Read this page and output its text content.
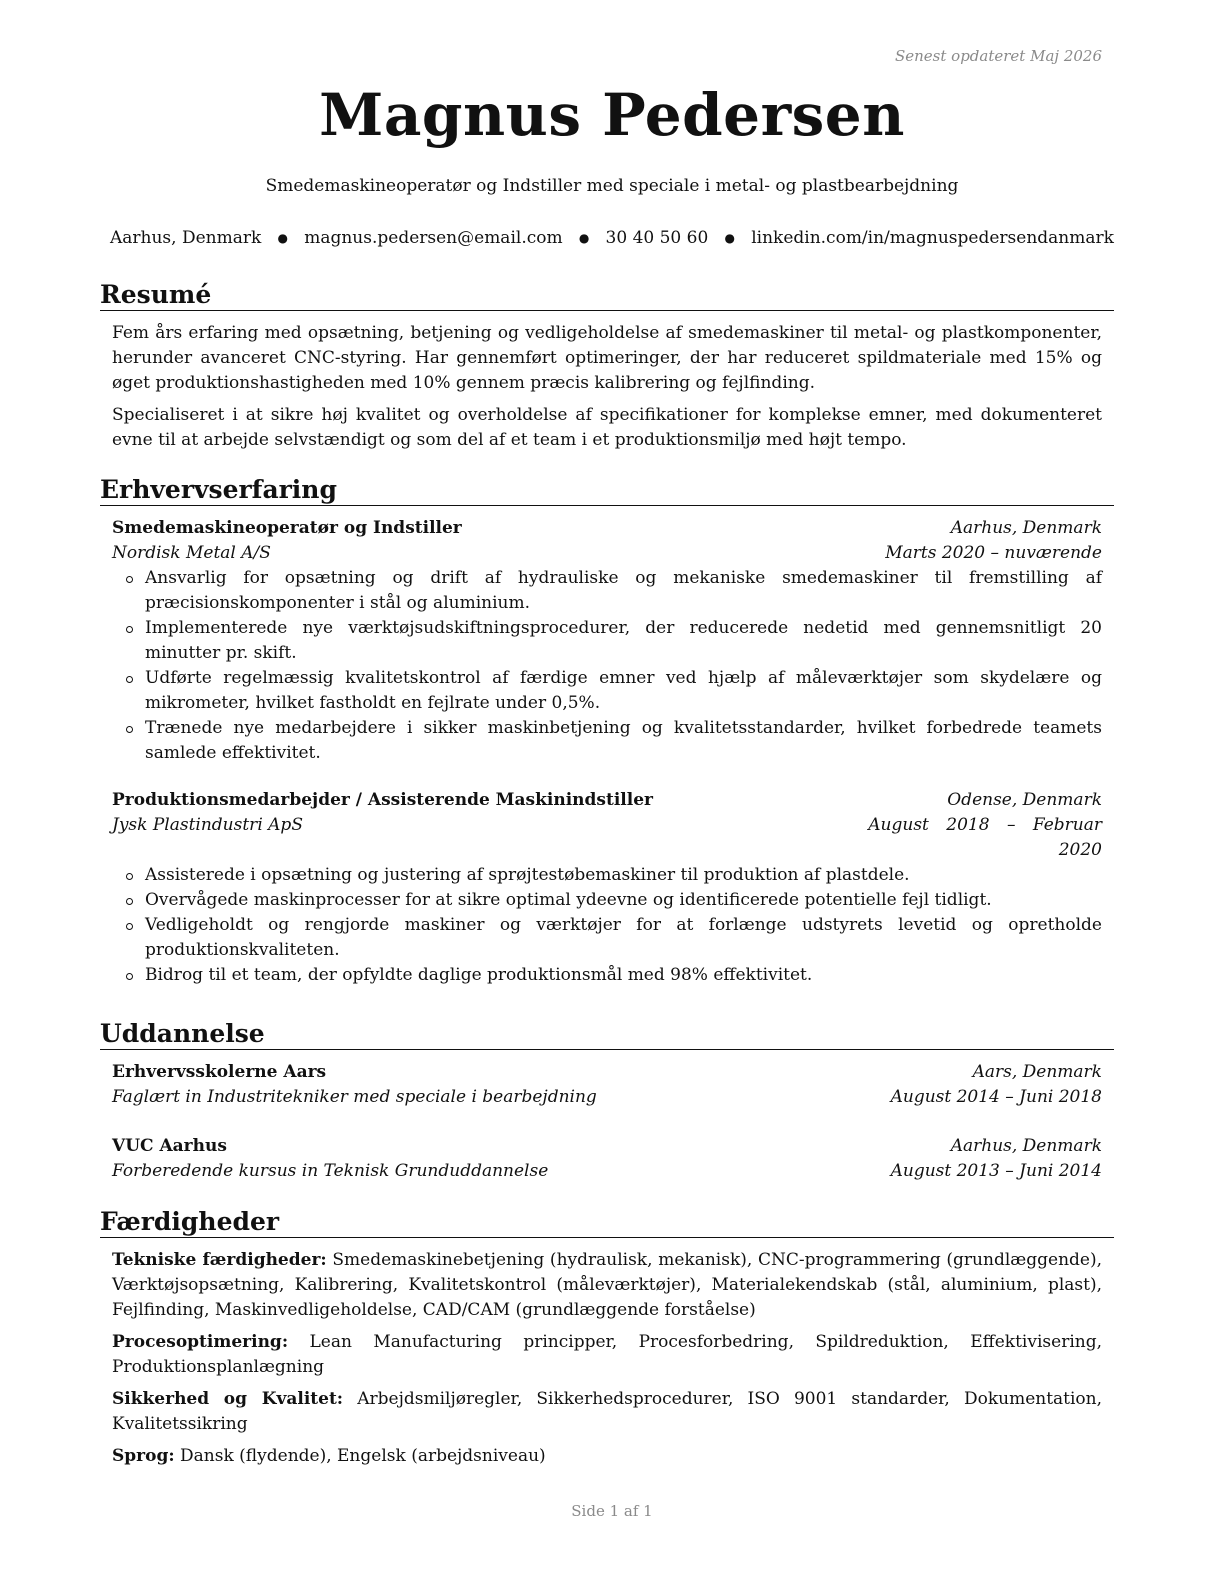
Senest opdateret Maj 2026
Magnus Pedersen
Smedemaskineoperatør og Indstiller med speciale i metal- og plastbearbejdning
Aarhus, Denmark ● magnus.pedersen@email.com ● 30 40 50 60 ● linkedin.com/in/magnuspedersendanmark
Resumé

Fem års erfaring med opsætning, betjening og vedligeholdelse af smedemaskiner til metal- og plastkomponenter, herunder avanceret CNC-styring. Har gennemført optimeringer, der har reduceret spildmateriale med 15% og øget produktionshastigheden med 10% gennem præcis kalibrering og fejlfinding.

Specialiseret i at sikre høj kvalitet og overholdelse af specifikationer for komplekse emner, med dokumenteret evne til at arbejde selvstændigt og som del af et team i et produktionsmiljø med højt tempo.

Erhvervserfaring
Smedemaskineoperatør og Indstiller	Aarhus, Denmark
Nordisk Metal A/S	Marts 2020 – nuværende
Ansvarlig for opsætning og drift af hydrauliske og mekaniske smedemaskiner til fremstilling af præcisionskomponenter i stål og aluminium.
Implementerede nye værktøjsudskiftningsprocedurer, der reducerede nedetid med gennemsnitligt 20 minutter pr. skift.
Udførte regelmæssig kvalitetskontrol af færdige emner ved hjælp af måleværktøjer som skydelære og mikrometer, hvilket fastholdt en fejlrate under 0,5%.
Trænede nye medarbejdere i sikker maskinbetjening og kvalitetsstandarder, hvilket forbedrede teamets samlede effektivitet.
Produktionsmedarbejder / Assisterende Maskinindstiller	Odense, Denmark
Jysk Plastindustri ApS	August 2018 – Februar
2020
Assisterede i opsætning og justering af sprøjtestøbemaskiner til produktion af plastdele.
Overvågede maskinprocesser for at sikre optimal ydeevne og identificerede potentielle fejl tidligt.
Vedligeholdt og rengjorde maskiner og værktøjer for at forlænge udstyrets levetid og opretholde produktionskvaliteten.
Bidrog til et team, der opfyldte daglige produktionsmål med 98% effektivitet.
Uddannelse
Erhvervsskolerne Aars	Aars, Denmark
Faglært in Industritekniker med speciale i bearbejdning	August 2014 – Juni 2018
VUC Aarhus	Aarhus, Denmark
Forberedende kursus in Teknisk Grunduddannelse	August 2013 – Juni 2014
Færdigheder

Tekniske færdigheder: Smedemaskinebetjening (hydraulisk, mekanisk), CNC-programmering (grundlæggende), Værktøjsopsætning, Kalibrering, Kvalitetskontrol (måleværktøjer), Materialekendskab (stål, aluminium, plast), Fejlfinding, Maskinvedligeholdelse, CAD/CAM (grundlæggende forståelse)

Procesoptimering: Lean Manufacturing principper, Procesforbedring, Spildreduktion, Effektivisering, Produktionsplanlægning

Sikkerhed og Kvalitet: Arbejdsmiljøregler, Sikkerhedsprocedurer, ISO 9001 standarder, Dokumentation, Kvalitetssikring

Sprog: Dansk (flydende), Engelsk (arbejdsniveau)

Side 1 af 1
